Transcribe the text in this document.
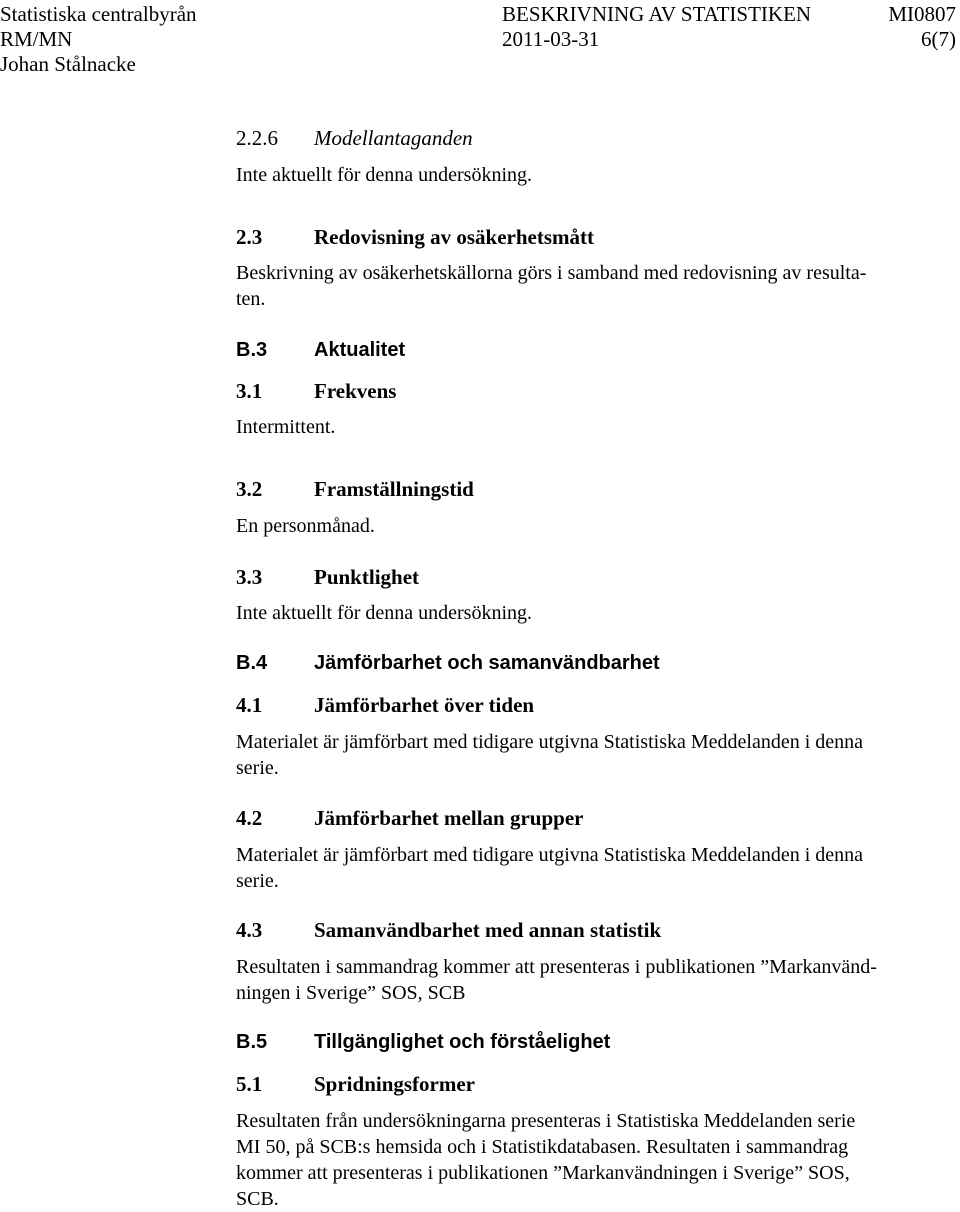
Statistiska centralbyrån	BESKRIVNING AV STATISTIKEN	MI0807
RM/MN	2011-03-31	6(7)
Johan Stålnacke
2.2.6 Modellantaganden
Inte aktuellt för denna undersökning.
2.3 Redovisning av osäkerhetsmått
Beskrivning av osäkerhetskällorna görs i samband med redovisning av resulta-
ten.
B.3 Aktualitet
3.1 Frekvens
Intermittent.
3.2 Framställningstid
En personmånad.
3.3 Punktlighet
Inte aktuellt för denna undersökning.
B.4 Jämförbarhet och samanvändbarhet
4.1 Jämförbarhet över tiden
Materialet är jämförbart med tidigare utgivna Statistiska Meddelanden i denna
serie.
4.2 Jämförbarhet mellan grupper
Materialet är jämförbart med tidigare utgivna Statistiska Meddelanden i denna
serie.
4.3 Samanvändbarhet med annan statistik
Resultaten i sammandrag kommer att presenteras i publikationen ”Markanvänd-
ningen i Sverige” SOS, SCB
B.5 Tillgänglighet och förståelighet
5.1 Spridningsformer
Resultaten från undersökningarna presenteras i Statistiska Meddelanden serie
MI 50, på SCB:s hemsida och i Statistikdatabasen. Resultaten i sammandrag
kommer att presenteras i publikationen ”Markanvändningen i Sverige” SOS,
SCB.
